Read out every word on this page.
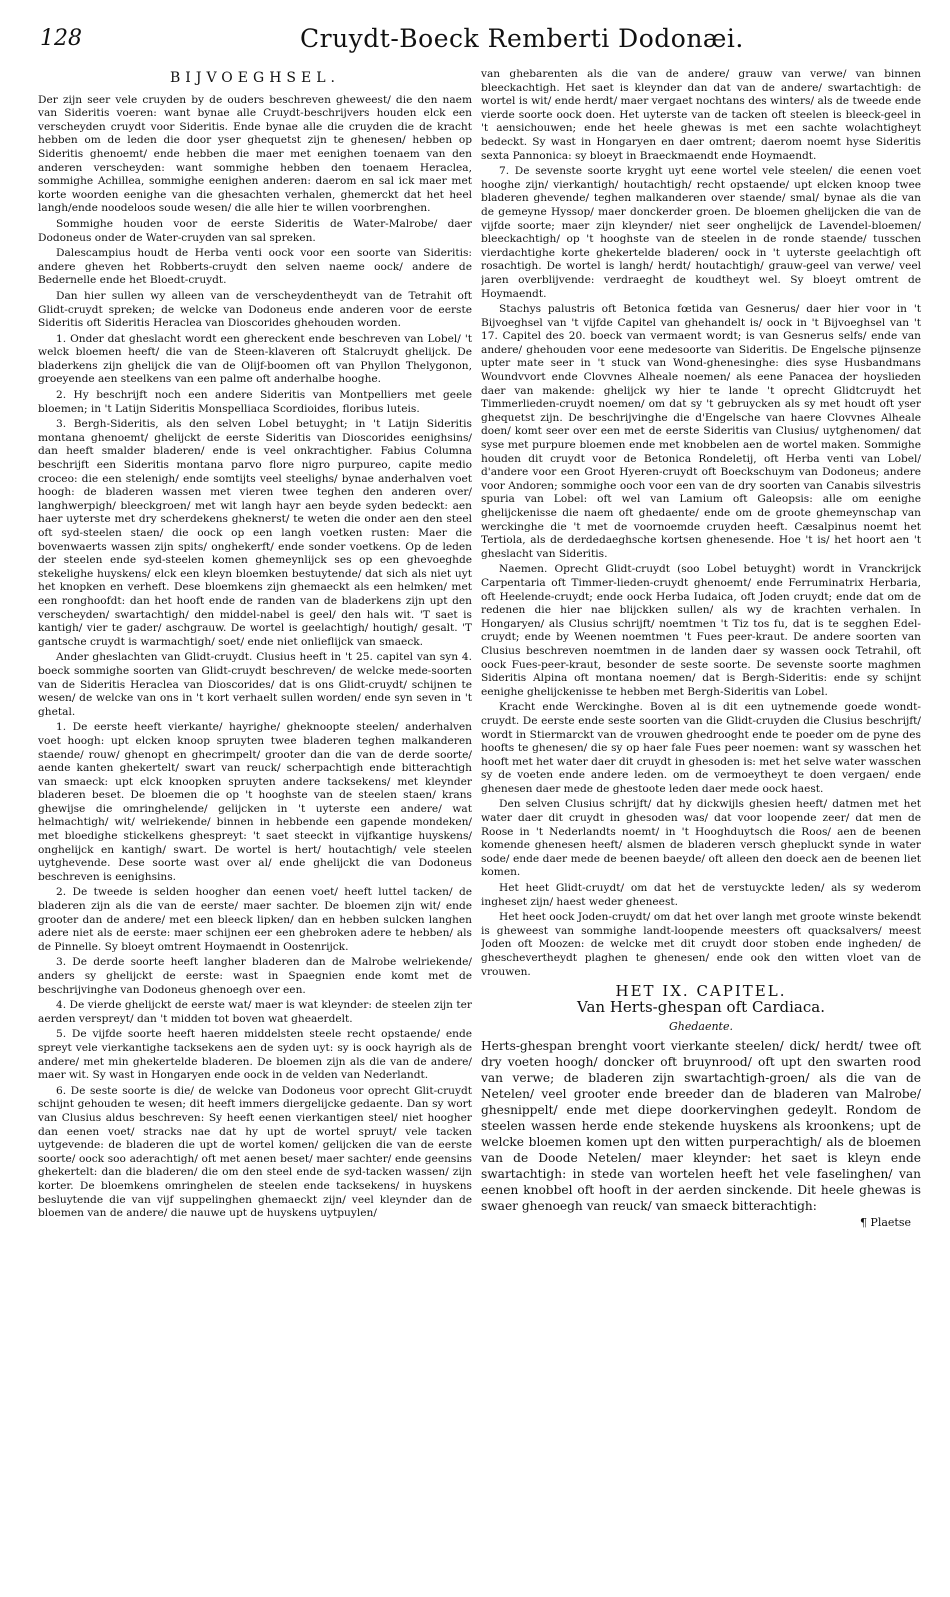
128	Cruydt-Boeck Remberti Dodonæi.
BIJVOEGHSEL.

Der zijn seer vele cruyden by de ouders beschreven gheweest/ die den naem van Sideritis voeren: want bynae alle Cruydt-beschrijvers houden elck een verscheyden cruydt voor Sideritis. Ende bynae alle die cruyden die de kracht hebben om de leden die door yser ghequetst zijn te ghenesen/ hebben op Sideritis ghenoemt/ ende hebben die maer met eenighen toenaem van den anderen verscheyden: want sommighe hebben den toenaem Heraclea, sommighe Achillea, sommighe eenighen anderen: daerom en sal ick maer met korte woorden eenighe van die ghesachten verhalen, ghemerckt dat het heel langh/ende noodeloos soude wesen/ die alle hier te willen voorbrenghen.

Sommighe houden voor de eerste Sideritis de Water-Malrobe/ daer Dodoneus onder de Water-cruyden van sal spreken.

Dalescampius houdt de Herba venti oock voor een soorte van Sideritis: andere gheven het Robberts-cruydt den selven naeme oock/ andere de Bedernelle ende het Bloedt-cruydt.

Dan hier sullen wy alleen van de verscheydentheydt van de Tetrahit oft Glidt-cruydt spreken; de welcke van Dodoneus ende anderen voor de eerste Sideritis oft Sideritis Heraclea van Dioscorides ghehouden worden.

1. Onder dat gheslacht wordt een ghereckent ende beschreven van Lobel/ 't welck bloemen heeft/ die van de Steen-klaveren oft Stalcruydt ghelijck. De bladerkens zijn ghelijck die van de Olijf-boomen oft van Phyllon Thelygonon, groeyende aen steelkens van een palme oft anderhalbe hooghe.

2. Hy beschrijft noch een andere Sideritis van Montpelliers met geele bloemen; in 't Latijn Sideritis Monspelliaca Scordioides, floribus luteis.

3. Bergh-Sideritis, als den selven Lobel betuyght; in 't Latijn Sideritis montana ghenoemt/ ghelijckt de eerste Sideritis van Dioscorides eenighsins/ dan heeft smalder bladeren/ ende is veel onkrachtigher. Fabius Columna beschrijft een Sideritis montana parvo flore nigro purpureo, capite medio croceo: die een stelenigh/ ende somtijts veel steelighs/ bynae anderhalven voet hoogh: de bladeren wassen met vieren twee teghen den anderen over/ langhwerpigh/ bleeckgroen/ met wit langh hayr aen beyde syden bedeckt: aen haer uyterste met dry scherdekens gheknerst/ te weten die onder aen den steel oft syd-steelen staen/ die oock op een langh voetken rusten: Maer die bovenwaerts wassen zijn spits/ onghekerft/ ende sonder voetkens. Op de leden der steelen ende syd-steelen komen ghemeynlijck ses op een ghevoeghde stekelighe huyskens/ elck een kleyn bloemken bestuytende/ dat sich als niet uyt het knopken en verheft. Dese bloemkens zijn ghemaeckt als een helmken/ met een ronghoofdt: dan het hooft ende de randen van de bladerkens zijn upt den verscheyden/ swartachtigh/ den middel-nabel is geel/ den hals wit. 'T saet is kantigh/ vier te gader/ aschgrauw. De wortel is geelachtigh/ houtigh/ gesalt. 'T gantsche cruydt is warmachtigh/ soet/ ende niet onlieflijck van smaeck.

Ander gheslachten van Glidt-cruydt. Clusius heeft in 't 25. capitel van syn 4. boeck sommighe soorten van Glidt-cruydt beschreven/ de welcke mede-soorten van de Sideritis Heraclea van Dioscorides/ dat is ons Glidt-cruydt/ schijnen te wesen/ de welcke van ons in 't kort verhaelt sullen worden/ ende syn seven in 't ghetal.

1. De eerste heeft vierkante/ hayrighe/ gheknoopte steelen/ anderhalven voet hoogh: upt elcken knoop spruyten twee bladeren teghen malkanderen staende/ rouw/ ghenopt en ghecrimpelt/ grooter dan die van de derde soorte/ aende kanten ghekertelt/ swart van reuck/ scherpachtigh ende bitterachtigh van smaeck: upt elck knoopken spruyten andere tacksekens/ met kleynder bladeren beset. De bloemen die op 't hooghste van de steelen staen/ krans ghewijse die omringhelende/ gelijcken in 't uyterste een andere/ wat helmachtigh/ wit/ welriekende/ binnen in hebbende een gapende mondeken/ met bloedighe stickelkens ghespreyt: 't saet steeckt in vijfkantige huyskens/ onghelijck en kantigh/ swart. De wortel is hert/ houtachtigh/ vele steelen uytghevende. Dese soorte wast over al/ ende ghelijckt die van Dodoneus beschreven is eenighsins.

2. De tweede is selden hoogher dan eenen voet/ heeft luttel tacken/ de bladeren zijn als die van de eerste/ maer sachter. De bloemen zijn wit/ ende grooter dan de andere/ met een bleeck lipken/ dan en hebben sulcken langhen adere niet als de eerste: maer schijnen eer een ghebroken adere te hebben/ als de Pinnelle. Sy bloeyt omtrent Hoymaendt in Oostenrijck.

3. De derde soorte heeft langher bladeren dan de Malrobe welriekende/ anders sy ghelijckt de eerste: wast in Spaegnien ende komt met de beschrijvinghe van Dodoneus ghenoegh over een.

4. De vierde ghelijckt de eerste wat/ maer is wat kleynder: de steelen zijn ter aerden verspreyt/ dan 't midden tot boven wat gheaerdelt.

5. De vijfde soorte heeft haeren middelsten steele recht opstaende/ ende spreyt vele vierkantighe tacksekens aen de syden uyt: sy is oock hayrigh als de andere/ met min ghekertelde bladeren. De bloemen zijn als die van de andere/ maer wit. Sy wast in Hongaryen ende oock in de velden van Nederlandt.

6. De seste soorte is die/ de welcke van Dodoneus voor oprecht Glit-cruydt schijnt gehouden te wesen; dit heeft immers diergelijcke gedaente. Dan sy wort van Clusius aldus beschreven: Sy heeft eenen vierkantigen steel/ niet hoogher dan eenen voet/ stracks nae dat hy upt de wortel spruyt/ vele tacken uytgevende: de bladeren die upt de wortel komen/ gelijcken die van de eerste soorte/ oock soo aderachtigh/ oft met aenen beset/ maer sachter/ ende geensins ghekertelt: dan die bladeren/ die om den steel ende de syd-tacken wassen/ zijn korter. De bloemkens omringhelen de steelen ende tacksekens/ in huyskens besluytende die van vijf suppelinghen ghemaeckt zijn/ veel kleynder dan de bloemen van de andere/ die nauwe upt de huyskens uytpuylen/

van ghebarenten als die van de andere/ grauw van verwe/ van binnen bleeckachtigh. Het saet is kleynder dan dat van de andere/ swartachtigh: de wortel is wit/ ende herdt/ maer vergaet nochtans des winters/ als de tweede ende vierde soorte oock doen. Het uyterste van de tacken oft steelen is bleeck-geel in 't aensichouwen; ende het heele ghewas is met een sachte wolachtigheyt bedeckt. Sy wast in Hongaryen en daer omtrent; daerom noemt hyse Sideritis sexta Pannonica: sy bloeyt in Braeckmaendt ende Hoymaendt.

7. De sevenste soorte kryght uyt eene wortel vele steelen/ die eenen voet hooghe zijn/ vierkantigh/ houtachtigh/ recht opstaende/ upt elcken knoop twee bladeren ghevende/ teghen malkanderen over staende/ smal/ bynae als die van de gemeyne Hyssop/ maer donckerder groen. De bloemen ghelijcken die van de vijfde soorte; maer zijn kleynder/ niet seer onghelijck de Lavendel-bloemen/ bleeckachtigh/ op 't hooghste van de steelen in de ronde staende/ tusschen vierdachtighe korte ghekertelde bladeren/ oock in 't uyterste geelachtigh oft rosachtigh. De wortel is langh/ herdt/ houtachtigh/ grauw-geel van verwe/ veel jaren overblijvende: verdraeght de koudtheyt wel. Sy bloeyt omtrent de Hoymaendt.

Stachys palustris oft Betonica fœtida van Gesnerus/ daer hier voor in 't Bijvoeghsel van 't vijfde Capitel van ghehandelt is/ oock in 't Bijvoeghsel van 't 17. Capitel des 20. boeck van vermaent wordt; is van Gesnerus selfs/ ende van andere/ ghehouden voor eene medesoorte van Sideritis. De Engelsche pijnsenze upter mate seer in 't stuck van Wond-ghenesinghe: dies syse Husbandmans Woundvvort ende Clovvnes Alheale noemen/ als eene Panacea der hoyslieden daer van makende: ghelijck wy hier te lande 't oprecht Glidtcruydt het Timmerlieden-cruydt noemen/ om dat sy 't gebruycken als sy met houdt oft yser ghequetst zijn. De beschrijvinghe die d'Engelsche van haere Clovvnes Alheale doen/ komt seer over een met de eerste Sideritis van Clusius/ uytghenomen/ dat syse met purpure bloemen ende met knobbelen aen de wortel maken. Sommighe houden dit cruydt voor de Betonica Rondeletij, oft Herba venti van Lobel/ d'andere voor een Groot Hyeren-cruydt oft Boeckschuym van Dodoneus; andere voor Andoren; sommighe ooch voor een van de dry soorten van Canabis silvestris spuria van Lobel: oft wel van Lamium oft Galeopsis: alle om eenighe ghelijckenisse die naem oft ghedaente/ ende om de groote ghemeynschap van werckinghe die 't met de voornoemde cruyden heeft. Cæsalpinus noemt het Tertiola, als de derdedaeghsche kortsen ghenesende. Hoe 't is/ het hoort aen 't gheslacht van Sideritis.

Naemen. Oprecht Glidt-cruydt (soo Lobel betuyght) wordt in Vranckrijck Carpentaria oft Timmer-lieden-cruydt ghenoemt/ ende Ferruminatrix Herbaria, oft Heelende-cruydt; ende oock Herba Iudaica, oft Joden cruydt; ende dat om de redenen die hier nae blijckken sullen/ als wy de krachten verhalen. In Hongaryen/ als Clusius schrijft/ noemtmen 't Tiz tos fu, dat is te segghen Edel-cruydt; ende by Weenen noemtmen 't Fues peer-kraut. De andere soorten van Clusius beschreven noemtmen in de landen daer sy wassen oock Tetrahil, oft oock Fues-peer-kraut, besonder de seste soorte. De sevenste soorte maghmen Sideritis Alpina oft montana noemen/ dat is Bergh-Sideritis: ende sy schijnt eenighe ghelijckenisse te hebben met Bergh-Sideritis van Lobel.

Kracht ende Werckinghe. Boven al is dit een uytnemende goede wondt-cruydt. De eerste ende seste soorten van die Glidt-cruyden die Clusius beschrijft/ wordt in Stiermarckt van de vrouwen ghedrooght ende te poeder om de pyne des hoofts te ghenesen/ die sy op haer fale Fues peer noemen: want sy wasschen het hooft met het water daer dit cruydt in ghesoden is: met het selve water wasschen sy de voeten ende andere leden. om de vermoeytheyt te doen vergaen/ ende ghenesen daer mede de ghestoote leden daer mede oock haest.

Den selven Clusius schrijft/ dat hy dickwijls ghesien heeft/ datmen met het water daer dit cruydt in ghesoden was/ dat voor loopende zeer/ dat men de Roose in 't Nederlandts noemt/ in 't Hooghduytsch die Roos/ aen de beenen komende ghenesen heeft/ alsmen de bladeren versch ghepluckt synde in water sode/ ende daer mede de beenen baeyde/ oft alleen den doeck aen de beenen liet komen.

Het heet Glidt-cruydt/ om dat het de verstuyckte leden/ als sy wederom ingheset zijn/ haest weder gheneest.

Het heet oock Joden-cruydt/ om dat het over langh met groote winste bekendt is gheweest van sommighe landt-loopende meesters oft quacksalvers/ meest Joden oft Moozen: de welcke met dit cruydt door stoben ende ingheden/ de gheschevertheydt plaghen te ghenesen/ ende ook den witten vloet van de vrouwen.

HET IX. CAPITEL.
Van Herts-ghespan oft Cardiaca.
Ghedaente.

Herts-ghespan brenght voort vierkante steelen/ dick/ herdt/ twee oft dry voeten hoogh/ doncker oft bruynrood/ oft upt den swarten rood van verwe; de bladeren zijn swartachtigh-groen/ als die van de Netelen/ veel grooter ende breeder dan de bladeren van Malrobe/ ghesnippelt/ ende met diepe doorkervinghen gedeylt. Rondom de steelen wassen herde ende stekende huyskens als kroonkens; upt de welcke bloemen komen upt den witten purperachtigh/ als de bloemen van de Doode Netelen/ maer kleynder: het saet is kleyn ende swartachtigh: in stede van wortelen heeft het vele faselinghen/ van eenen knobbel oft hooft in der aerden sinckende. Dit heele ghewas is swaer ghenoegh van reuck/ van smaeck bitterachtigh:

¶ Plaetse
